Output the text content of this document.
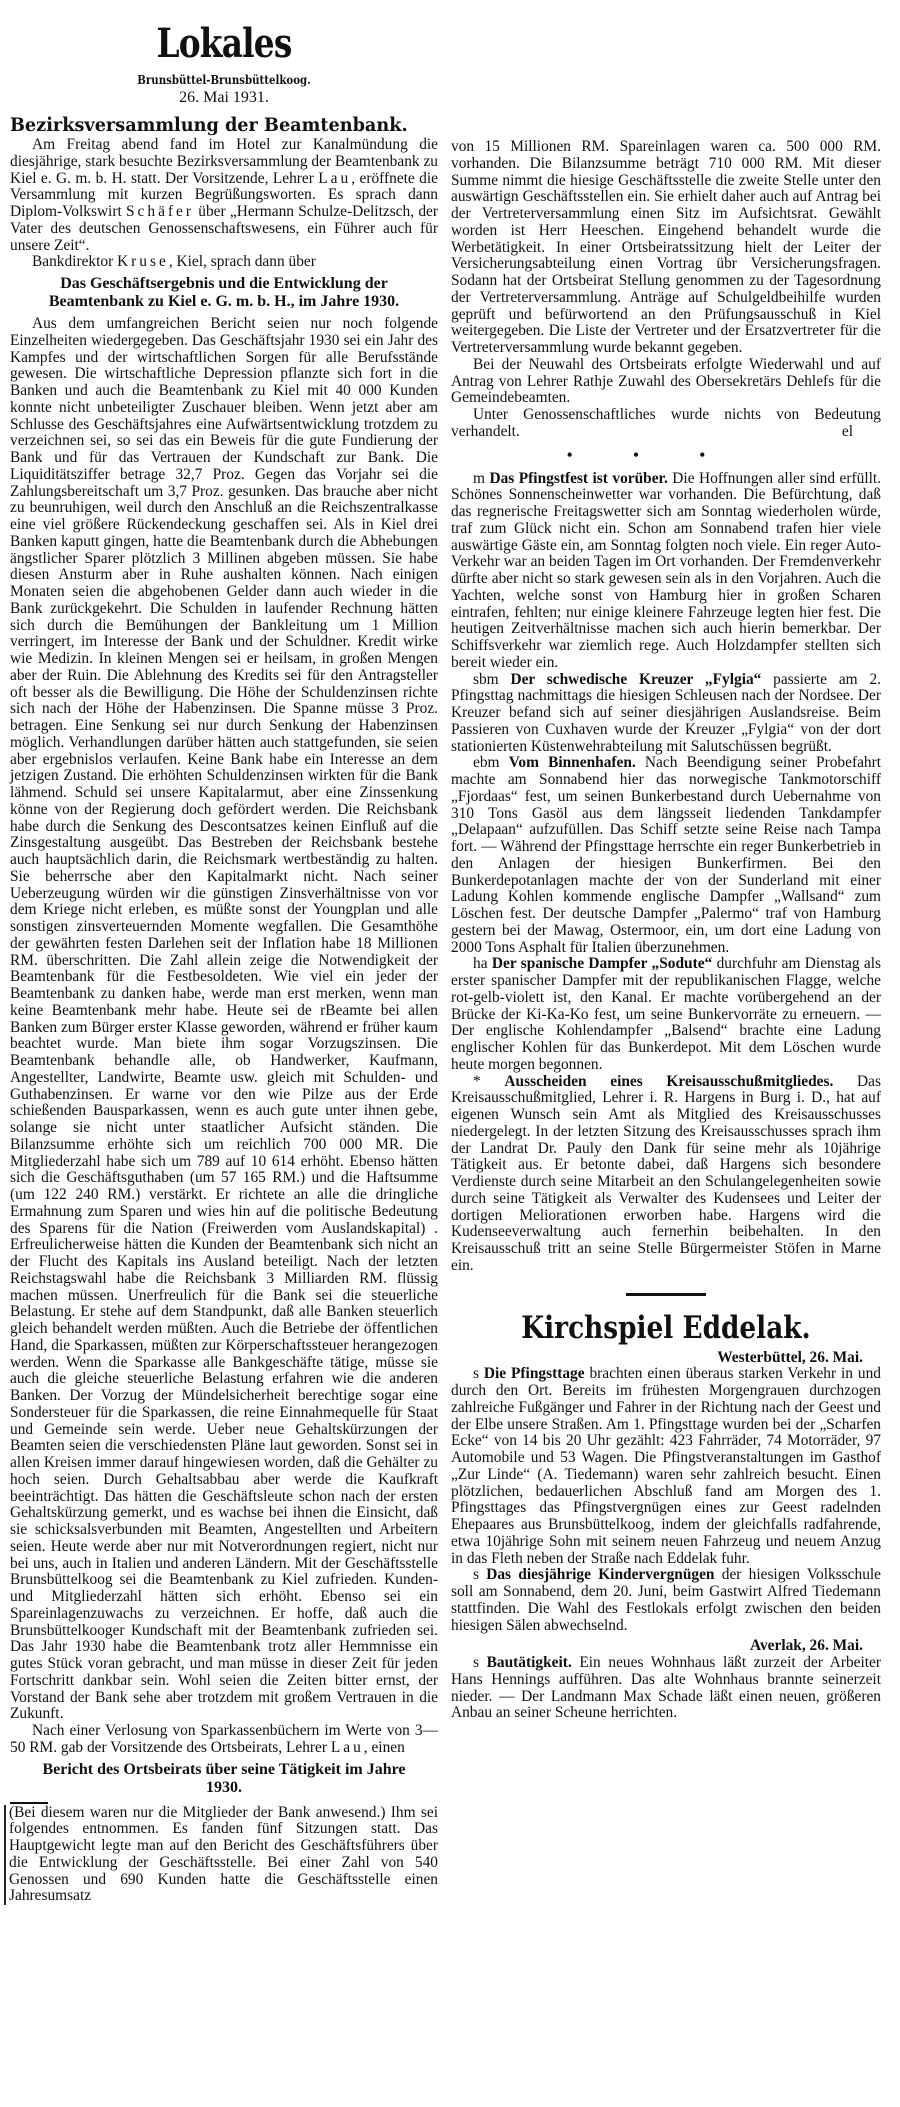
Lokales

Brunsbüttel-Brunsbüttelkoog.

26. Mai 1931.

Bezirksversammlung der Beamtenbank.

Am Freitag abend fand im Hotel zur Kanalmündung die diesjährige, stark besuchte Bezirksversammlung der Beamtenbank zu Kiel e. G. m. b. H. statt. Der Vorsitzende, Lehrer Lau, eröffnete die Versammlung mit kurzen Begrüßungsworten. Es sprach dann Diplom-Volkswirt Schäfer über „Hermann Schulze-Delitzsch, der Vater des deutschen Genossenschaftswesens, ein Führer auch für unsere Zeit“.

Bankdirektor Kruse, Kiel, sprach dann über

Das Geschäftsergebnis und die Entwicklung der Beamtenbank zu Kiel e. G. m. b. H., im Jahre 1930.

Aus dem umfangreichen Bericht seien nur noch folgende Einzelheiten wiedergegeben. Das Geschäftsjahr 1930 sei ein Jahr des Kampfes und der wirtschaftlichen Sorgen für alle Berufsstände gewesen. Die wirtschaftliche Depression pflanzte sich fort in die Banken und auch die Beamtenbank zu Kiel mit 40 000 Kunden konnte nicht unbeteiligter Zuschauer bleiben. Wenn jetzt aber am Schlusse des Geschäftsjahres eine Aufwärtsentwicklung trotzdem zu verzeichnen sei, so sei das ein Beweis für die gute Fundierung der Bank und für das Vertrauen der Kundschaft zur Bank. Die Liquiditätsziffer betrage 32,7 Proz. Gegen das Vorjahr sei die Zahlungsbereitschaft um 3,7 Proz. gesunken. Das brauche aber nicht zu beunruhigen, weil durch den Anschluß an die Reichszentralkasse eine viel größere Rückendeckung geschaffen sei. Als in Kiel drei Banken kaputt gingen, hatte die Beamtenbank durch die Abhebungen ängstlicher Sparer plötzlich 3 Millinen abgeben müssen. Sie habe diesen Ansturm aber in Ruhe aushalten können. Nach einigen Monaten seien die abgehobenen Gelder dann auch wieder in die Bank zurückgekehrt. Die Schulden in laufender Rechnung hätten sich durch die Bemühungen der Bankleitung um 1 Million verringert, im Interesse der Bank und der Schuldner. Kredit wirke wie Medizin. In kleinen Mengen sei er heilsam, in großen Mengen aber der Ruin. Die Ablehnung des Kredits sei für den Antragsteller oft besser als die Bewilligung. Die Höhe der Schuldenzinsen richte sich nach der Höhe der Habenzinsen. Die Spanne müsse 3 Proz. betragen. Eine Senkung sei nur durch Senkung der Habenzinsen möglich. Verhandlungen darüber hätten auch stattgefunden, sie seien aber ergebnislos verlaufen. Keine Bank habe ein Interesse an dem jetzigen Zustand. Die erhöhten Schuldenzinsen wirkten für die Bank lähmend. Schuld sei unsere Kapitalarmut, aber eine Zinssenkung könne von der Regierung doch gefördert werden. Die Reichsbank habe durch die Senkung des Descontsatzes keinen Einfluß auf die Zinsgestaltung ausgeübt. Das Bestreben der Reichsbank bestehe auch hauptsächlich darin, die Reichsmark wertbeständig zu halten. Sie beherrsche aber den Kapitalmarkt nicht. Nach seiner Ueberzeugung würden wir die günstigen Zinsverhältnisse von vor dem Kriege nicht erleben, es müßte sonst der Youngplan und alle sonstigen zinsverteuernden Momente wegfallen. Die Gesamthöhe der gewährten festen Darlehen seit der Inflation habe 18 Millionen RM. überschritten. Die Zahl allein zeige die Notwendigkeit der Beamtenbank für die Festbesoldeten. Wie viel ein jeder der Beamtenbank zu danken habe, werde man erst merken, wenn man keine Beamtenbank mehr habe. Heute sei de rBeamte bei allen Banken zum Bürger erster Klasse geworden, während er früher kaum beachtet wurde. Man biete ihm sogar Vorzugszinsen. Die Beamtenbank behandle alle, ob Handwerker, Kaufmann, Angestellter, Landwirte, Beamte usw. gleich mit Schulden- und Guthabenzinsen. Er warne vor den wie Pilze aus der Erde schießenden Bausparkassen, wenn es auch gute unter ihnen gebe, solange sie nicht unter staatlicher Aufsicht ständen. Die Bilanzsumme erhöhte sich um reichlich 700 000 MR. Die Mitgliederzahl habe sich um 789 auf 10 614 erhöht. Ebenso hätten sich die Geschäftsguthaben (um 57 165 RM.) und die Haftsumme (um 122 240 RM.) verstärkt. Er richtete an alle die dringliche Ermahnung zum Sparen und wies hin auf die politische Bedeutung des Sparens für die Nation (Freiwerden vom Auslandskapital) . Erfreulicherweise hätten die Kunden der Beamtenbank sich nicht an der Flucht des Kapitals ins Ausland beteiligt. Nach der letzten Reichstagswahl habe die Reichsbank 3 Milliarden RM. flüssig machen müssen. Unerfreulich für die Bank sei die steuerliche Belastung. Er stehe auf dem Standpunkt, daß alle Banken steuerlich gleich behandelt werden müßten. Auch die Betriebe der öffentlichen Hand, die Sparkassen, müßten zur Körperschaftssteuer herangezogen werden. Wenn die Sparkasse alle Bankgeschäfte tätige, müsse sie auch die gleiche steuerliche Belastung erfahren wie die anderen Banken. Der Vorzug der Mündelsicherheit berechtige sogar eine Sondersteuer für die Sparkassen, die reine Einnahmequelle für Staat und Gemeinde sein werde. Ueber neue Gehaltskürzungen der Beamten seien die verschiedensten Pläne laut geworden. Sonst sei in allen Kreisen immer darauf hingewiesen worden, daß die Gehälter zu hoch seien. Durch Gehaltsabbau aber werde die Kaufkraft beeinträchtigt. Das hätten die Geschäftsleute schon nach der ersten Gehaltskürzung gemerkt, und es wachse bei ihnen die Einsicht, daß sie schicksalsverbunden mit Beamten, Angestellten und Arbeitern seien. Heute werde aber nur mit Notverordnungen regiert, nicht nur bei uns, auch in Italien und anderen Ländern. Mit der Geschäftsstelle Brunsbüttelkoog sei die Beamtenbank zu Kiel zufrieden. Kunden- und Mitgliederzahl hätten sich erhöht. Ebenso sei ein Spareinlagenzuwachs zu verzeichnen. Er hoffe, daß auch die Brunsbüttelkooger Kundschaft mit der Beamtenbank zufrieden sei. Das Jahr 1930 habe die Beamtenbank trotz aller Hemmnisse ein gutes Stück voran gebracht, und man müsse in dieser Zeit für jeden Fortschritt dankbar sein. Wohl seien die Zeiten bitter ernst, der Vorstand der Bank sehe aber trotzdem mit großem Vertrauen in die Zukunft.

Nach einer Verlosung von Sparkassenbüchern im Werte von 3—50 RM. gab der Vorsitzende des Ortsbeirats, Lehrer Lau, einen

Bericht des Ortsbeirats über seine Tätigkeit im Jahre 1930.

(Bei diesem waren nur die Mitglieder der Bank anwesend.) Ihm sei folgendes entnommen. Es fanden fünf Sitzungen statt. Das Hauptgewicht legte man auf den Bericht des Geschäftsführers über die Entwicklung der Geschäftsstelle. Bei einer Zahl von 540 Genossen und 690 Kunden hatte die Geschäftsstelle einen Jahresumsatz

von 15 Millionen RM. Spareinlagen waren ca. 500 000 RM. vorhanden. Die Bilanzsumme beträgt 710 000 RM. Mit dieser Summe nimmt die hiesige Geschäftsstelle die zweite Stelle unter den auswärtign Geschäftsstellen ein. Sie erhielt daher auch auf Antrag bei der Vertreterversammlung einen Sitz im Aufsichtsrat. Gewählt worden ist Herr Heeschen. Eingehend behandelt wurde die Werbetätigkeit. In einer Ortsbeiratssitzung hielt der Leiter der Versicherungsabteilung einen Vortrag übr Versicherungsfragen. Sodann hat der Ortsbeirat Stellung genommen zu der Tagesordnung der Vertreterversammlung. Anträge auf Schulgeldbeihilfe wurden geprüft und befürwortend an den Prüfungsausschuß in Kiel weitergegeben. Die Liste der Vertreter und der Ersatzvertreter für die Vertreterversammlung wurde bekannt gegeben.

Bei der Neuwahl des Ortsbeirats erfolgte Wiederwahl und auf Antrag von Lehrer Rathje Zuwahl des Obersekretärs Dehlefs für die Gemeindebeamten.

Unter Genossenschaftliches wurde nichts von Bedeutung verhandelt.	el

•••

m Das Pfingstfest ist vorüber. Die Hoffnungen aller sind erfüllt. Schönes Sonnenscheinwetter war vorhanden. Die Befürchtung, daß das regnerische Freitagswetter sich am Sonntag wiederholen würde, traf zum Glück nicht ein. Schon am Sonnabend trafen hier viele auswärtige Gäste ein, am Sonntag folgten noch viele. Ein reger Auto-Verkehr war an beiden Tagen im Ort vorhanden. Der Fremdenverkehr dürfte aber nicht so stark gewesen sein als in den Vorjahren. Auch die Yachten, welche sonst von Hamburg hier in großen Scharen eintrafen, fehlten; nur einige kleinere Fahrzeuge legten hier fest. Die heutigen Zeitverhältnisse machen sich auch hierin bemerkbar. Der Schiffsverkehr war ziemlich rege. Auch Holzdampfer stellten sich bereit wieder ein.

sbm Der schwedische Kreuzer „Fylgia“ passierte am 2. Pfingsttag nachmittags die hiesigen Schleusen nach der Nordsee. Der Kreuzer befand sich auf seiner diesjährigen Auslandsreise. Beim Passieren von Cuxhaven wurde der Kreuzer „Fylgia“ von der dort stationierten Küstenwehrabteilung mit Salutschüssen begrüßt.

ebm Vom Binnenhafen. Nach Beendigung seiner Probefahrt machte am Sonnabend hier das norwegische Tankmotorschiff „Fjordaas“ fest, um seinen Bunkerbestand durch Uebernahme von 310 Tons Gasöl aus dem längsseit liedenden Tankdampfer „Delapaan“ aufzufüllen. Das Schiff setzte seine Reise nach Tampa fort. — Während der Pfingsttage herrschte ein reger Bunkerbetrieb in den Anlagen der hiesigen Bunkerfirmen. Bei den Bunkerdepotanlagen machte der von der Sunderland mit einer Ladung Kohlen kommende englische Dampfer „Wallsand“ zum Löschen fest. Der deutsche Dampfer „Palermo“ traf von Hamburg gestern bei der Mawag, Ostermoor, ein, um dort eine Ladung von 2000 Tons Asphalt für Italien überzunehmen.

ha Der spanische Dampfer „Sodute“ durchfuhr am Dienstag als erster spanischer Dampfer mit der republikanischen Flagge, welche rot-gelb-violett ist, den Kanal. Er machte vorübergehend an der Brücke der Ki-Ka-Ko fest, um seine Bunkervorräte zu erneuern. — Der englische Kohlendampfer „Balsend“ brachte eine Ladung englischer Kohlen für das Bunkerdepot. Mit dem Löschen wurde heute morgen begonnen.

* Ausscheiden eines Kreisausschußmitgliedes. Das Kreisausschußmitglied, Lehrer i. R. Hargens in Burg i. D., hat auf eigenen Wunsch sein Amt als Mitglied des Kreisausschusses niedergelegt. In der letzten Sitzung des Kreisausschusses sprach ihm der Landrat Dr. Pauly den Dank für seine mehr als 10jährige Tätigkeit aus. Er betonte dabei, daß Hargens sich besondere Verdienste durch seine Mitarbeit an den Schulangelegenheiten sowie durch seine Tätigkeit als Verwalter des Kudensees und Leiter der dortigen Meliorationen erworben habe. Hargens wird die Kudenseeverwaltung auch fernerhin beibehalten. In den Kreisausschuß tritt an seine Stelle Bürgermeister Stöfen in Marne ein.

Kirchspiel Eddelak.

Westerbüttel, 26. Mai.

s Die Pfingsttage brachten einen überaus starken Verkehr in und durch den Ort. Bereits im frühesten Morgengrauen durchzogen zahlreiche Fußgänger und Fahrer in der Richtung nach der Geest und der Elbe unsere Straßen. Am 1. Pfingsttage wurden bei der „Scharfen Ecke“ von 14 bis 20 Uhr gezählt: 423 Fahrräder, 74 Motorräder, 97 Automobile und 53 Wagen. Die Pfingstveranstaltungen im Gasthof „Zur Linde“ (A. Tiedemann) waren sehr zahlreich besucht. Einen plötzlichen, bedauerlichen Abschluß fand am Morgen des 1. Pfingsttages das Pfingstvergnügen eines zur Geest radelnden Ehepaares aus Brunsbüttelkoog, indem der gleichfalls radfahrende, etwa 10jährige Sohn mit seinem neuen Fahrzeug und neuem Anzug in das Fleth neben der Straße nach Eddelak fuhr.

s Das diesjährige Kindervergnügen der hiesigen Volksschule soll am Sonnabend, dem 20. Juni, beim Gastwirt Alfred Tiedemann stattfinden. Die Wahl des Festlokals erfolgt zwischen den beiden hiesigen Sälen abwechselnd.

Averlak, 26. Mai.

s Bautätigkeit. Ein neues Wohnhaus läßt zurzeit der Arbeiter Hans Hennings aufführen. Das alte Wohnhaus brannte seinerzeit nieder. — Der Landmann Max Schade läßt einen neuen, größeren Anbau an seiner Scheune herrichten.
